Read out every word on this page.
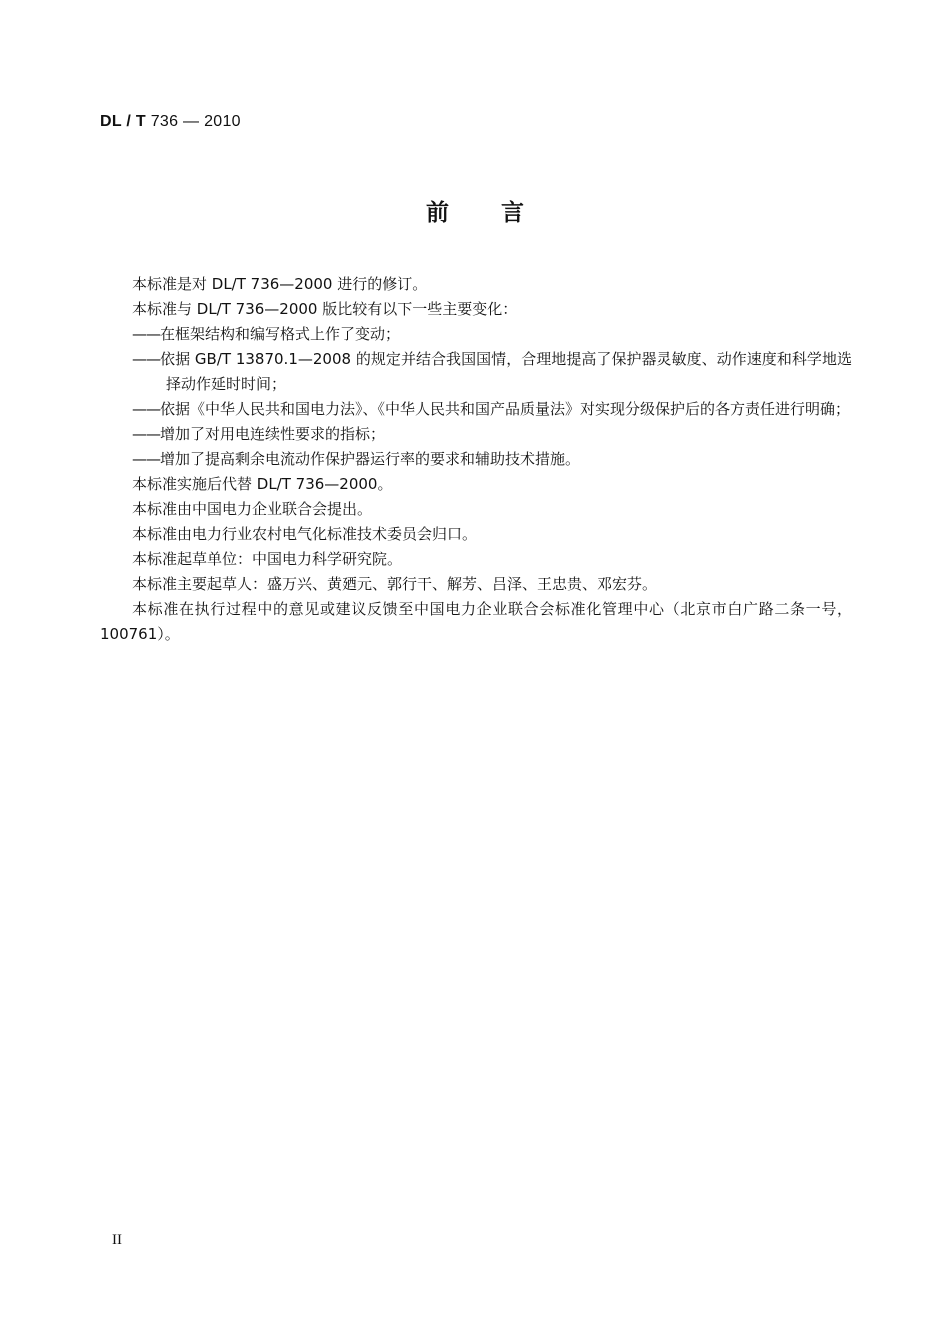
DL / T 736 — 2010
前言
本标准是对 DL/T 736—2000 进行的修订。
本标准与 DL/T 736—2000 版比较有以下一些主要变化：
——在框架结构和编写格式上作了变动；
——依据 GB/T 13870.1—2008 的规定并结合我国国情，合理地提高了保护器灵敏度、动作速度和科学地选择动作延时时间；
——依据《中华人民共和国电力法》、《中华人民共和国产品质量法》对实现分级保护后的各方责任进行明确；
——增加了对用电连续性要求的指标；
——增加了提高剩余电流动作保护器运行率的要求和辅助技术措施。
本标准实施后代替 DL/T 736—2000。
本标准由中国电力企业联合会提出。
本标准由电力行业农村电气化标准技术委员会归口。
本标准起草单位：中国电力科学研究院。
本标准主要起草人：盛万兴、黄廼元、郭行干、解芳、吕泽、王忠贵、邓宏芬。
本标准在执行过程中的意见或建议反馈至中国电力企业联合会标准化管理中心（北京市白广路二条一号，100761）。
II
